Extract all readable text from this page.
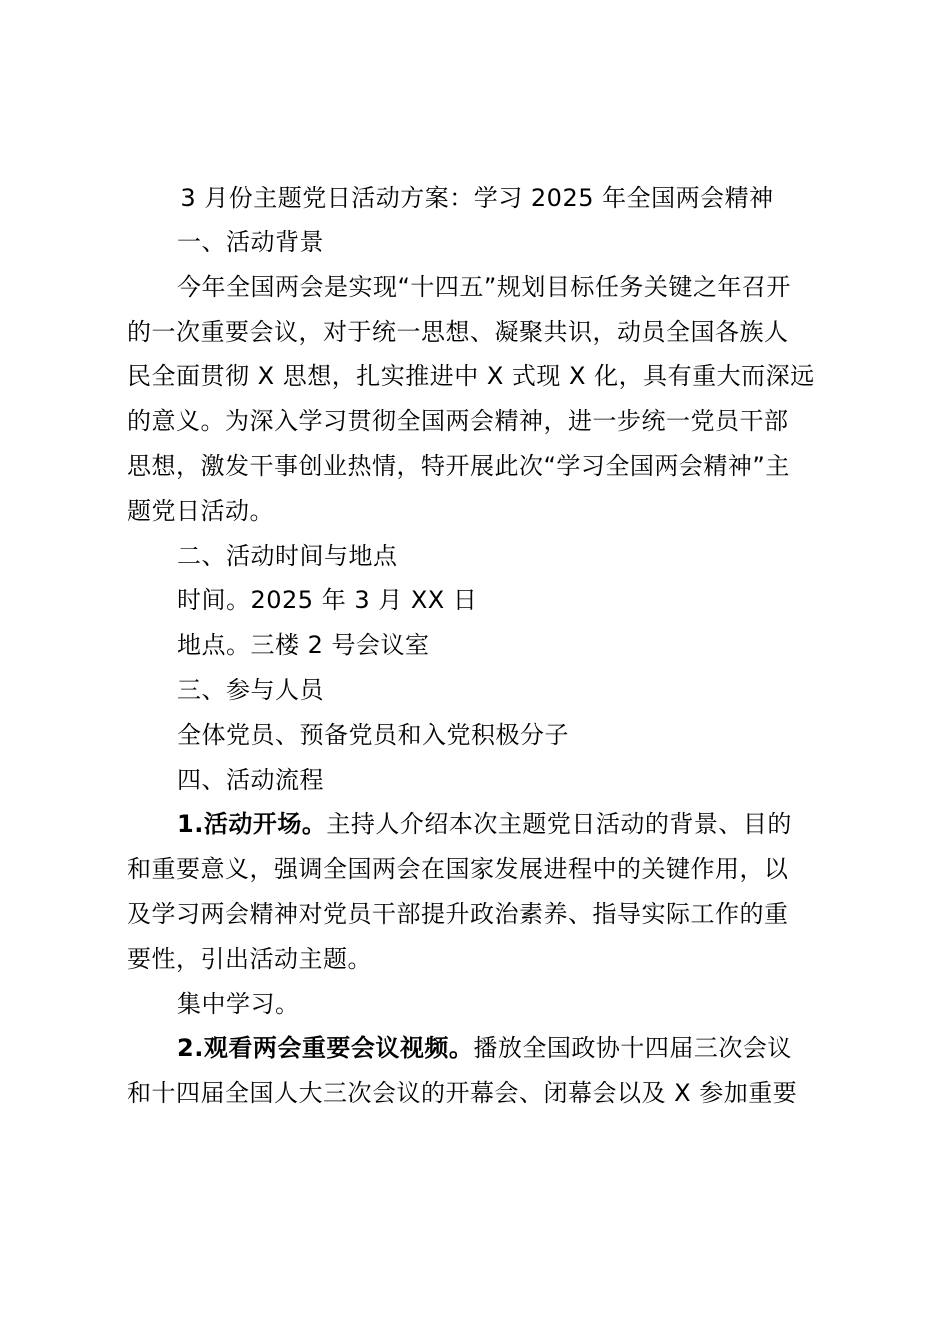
3 月份主题党日活动方案：学习 2025 年全国两会精神

一、活动背景

今年全国两会是实现“十四五”规划目标任务关键之年召开
的一次重要会议，对于统一思想、凝聚共识，动员全国各族人
民全面贯彻 X 思想，扎实推进中 X 式现 X 化，具有重大而深远
的意义。为深入学习贯彻全国两会精神，进一步统一党员干部
思想，激发干事创业热情，特开展此次“学习全国两会精神”主
题党日活动。

二、活动时间与地点

时间。2025 年 3 月 XX 日

地点。三楼 2 号会议室

三、参与人员

全体党员、预备党员和入党积极分子

四、活动流程

1.活动开场。主持人介绍本次主题党日活动的背景、目的
和重要意义，强调全国两会在国家发展进程中的关键作用，以
及学习两会精神对党员干部提升政治素养、指导实际工作的重
要性，引出活动主题。

集中学习。

2.观看两会重要会议视频。播放全国政协十四届三次会议
和十四届全国人大三次会议的开幕会、闭幕会以及 X 参加重要
